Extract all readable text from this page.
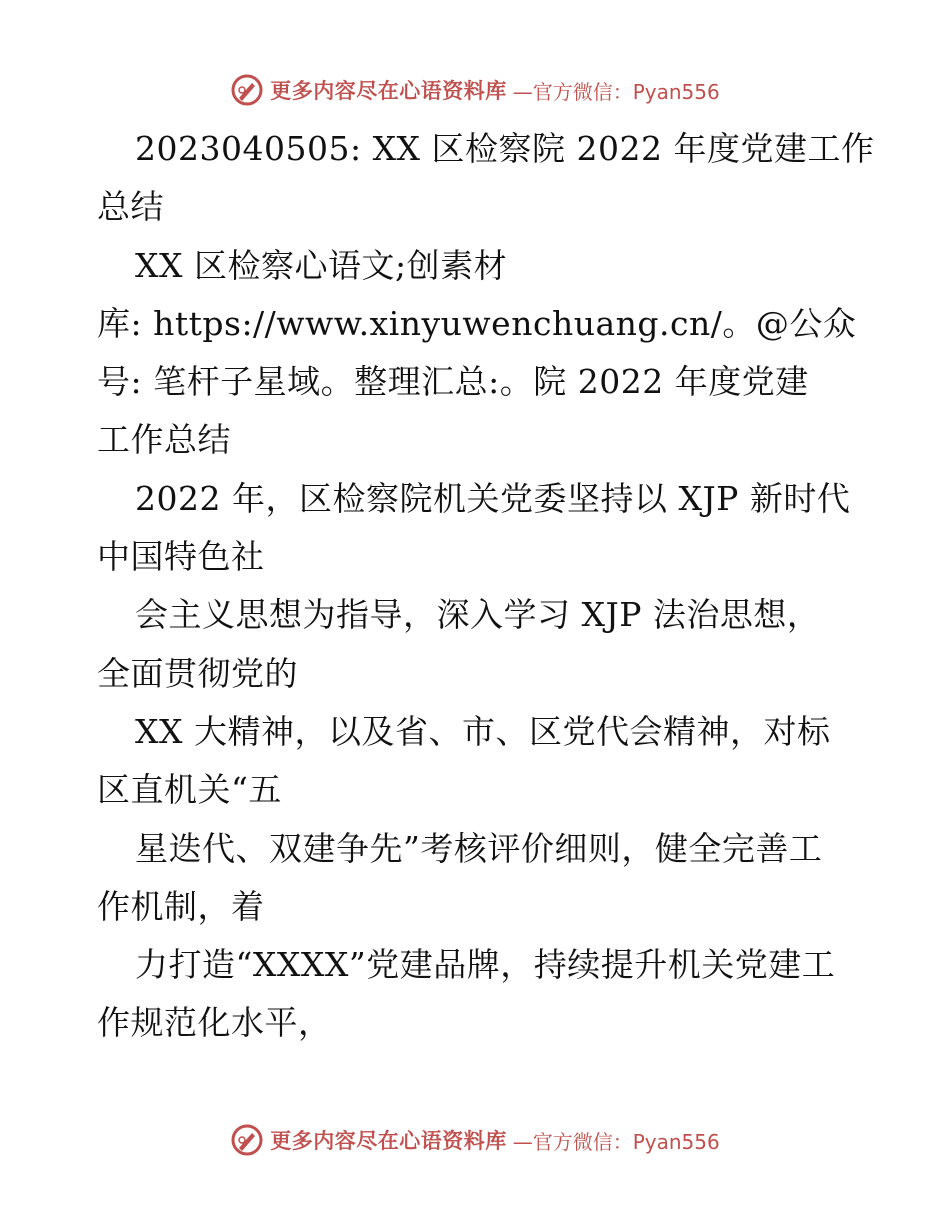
更多内容尽在心语资料库 —官方微信：Pyan556
2023040505: XX 区检察院 2022 年度党建工作
总结
XX 区检察心语文;创素材
库: https://www.xinyuwenchuang.cn/。@公众
号: 笔杆子星域。整理汇总:。院 2022 年度党建
工作总结
2022 年，区检察院机关党委坚持以 XJP 新时代
中国特色社
会主义思想为指导，深入学习 XJP 法治思想，
全面贯彻党的
XX 大精神，以及省、市、区党代会精神，对标
区直机关“五
星迭代、双建争先”考核评价细则，健全完善工
作机制，着
力打造“XXXX”党建品牌，持续提升机关党建工
作规范化水平，
更多内容尽在心语资料库 —官方微信：Pyan556
